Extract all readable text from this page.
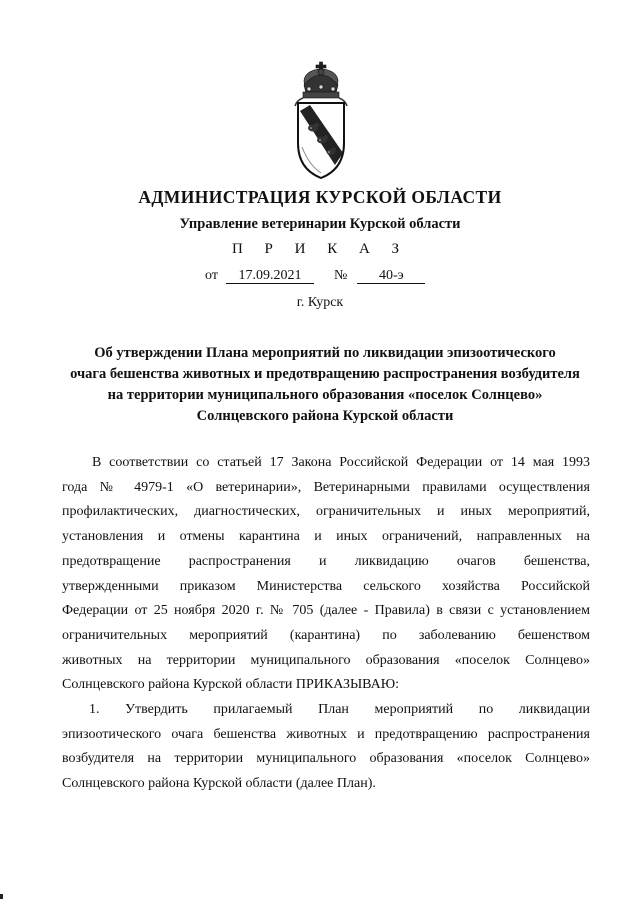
АДМИНИСТРАЦИЯ КУРСКОЙ ОБЛАСТИ
Управление ветеринарии Курской области
П Р И К А З
от 17.09.2021 № 40-э
г. Курск
Об утверждении Плана мероприятий по ликвидации эпизоотического
очага бешенства животных и предотвращению распространения возбудителя
на территории муниципального образования «поселок Солнцево»
Солнцевского района Курской области

В соответствии со статьей 17 Закона Российской Федерации от 14 мая 1993
года № 4979-1 «О ветеринарии», Ветеринарными правилами осуществления
профилактических, диагностических, ограничительных и иных мероприятий,
установления и отмены карантина и иных ограничений, направленных на
предотвращение распространения и ликвидацию очагов бешенства,
утвержденными приказом Министерства сельского хозяйства Российской
Федерации от 25 ноября 2020 г. № 705 (далее - Правила) в связи с установлением
ограничительных мероприятий (карантина) по заболеванию бешенством
животных на территории муниципального образования «поселок Солнцево»
Солнцевского района Курской области ПРИКАЗЫВАЮ:

1. Утвердить прилагаемый План мероприятий по ликвидации
эпизоотического очага бешенства животных и предотвращению распространения
возбудителя на территории муниципального образования «поселок Солнцево»
Солнцевского района Курской области (далее План).
